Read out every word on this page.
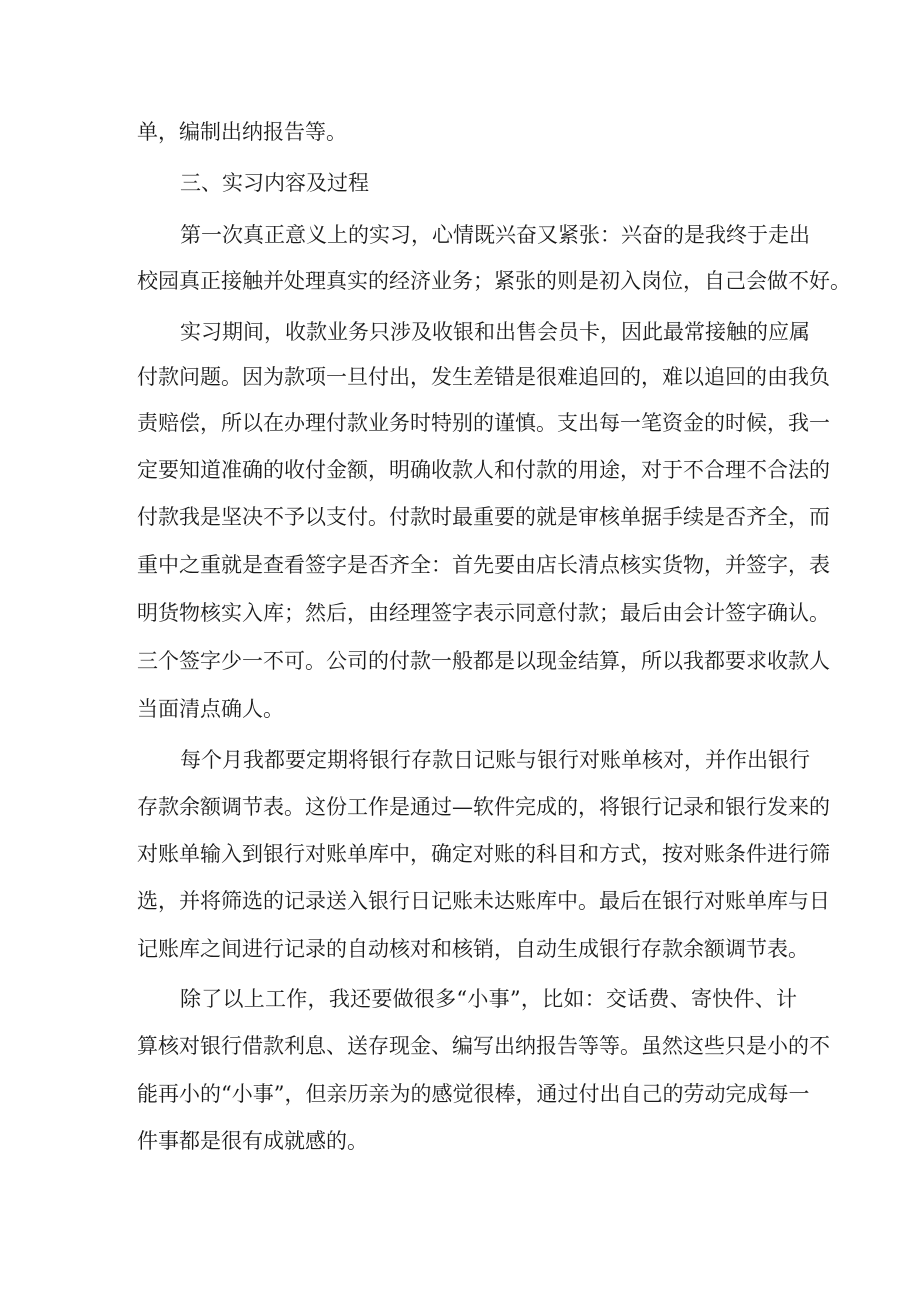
单，编制出纳报告等。
三、实习内容及过程
第一次真正意义上的实习，心情既兴奋又紧张：兴奋的是我终于走出
校园真正接触并处理真实的经济业务；紧张的则是初入岗位，自己会做不好。
实习期间，收款业务只涉及收银和出售会员卡，因此最常接触的应属
付款问题。因为款项一旦付出，发生差错是很难追回的，难以追回的由我负
责赔偿，所以在办理付款业务时特别的谨慎。支出每一笔资金的时候，我一
定要知道准确的收付金额，明确收款人和付款的用途，对于不合理不合法的
付款我是坚决不予以支付。付款时最重要的就是审核单据手续是否齐全，而
重中之重就是查看签字是否齐全：首先要由店长清点核实货物，并签字，表
明货物核实入库；然后，由经理签字表示同意付款；最后由会计签字确认。
三个签字少一不可。公司的付款一般都是以现金结算，所以我都要求收款人
当面清点确人。
每个月我都要定期将银行存款日记账与银行对账单核对，并作出银行
存款余额调节表。这份工作是通过—软件完成的，将银行记录和银行发来的
对账单输入到银行对账单库中，确定对账的科目和方式，按对账条件进行筛
选，并将筛选的记录送入银行日记账未达账库中。最后在银行对账单库与日
记账库之间进行记录的自动核对和核销，自动生成银行存款余额调节表。
除了以上工作，我还要做很多“小事”，比如：交话费、寄快件、计
算核对银行借款利息、送存现金、编写出纳报告等等。虽然这些只是小的不
能再小的“小事”，但亲历亲为的感觉很棒，通过付出自己的劳动完成每一
件事都是很有成就感的。
